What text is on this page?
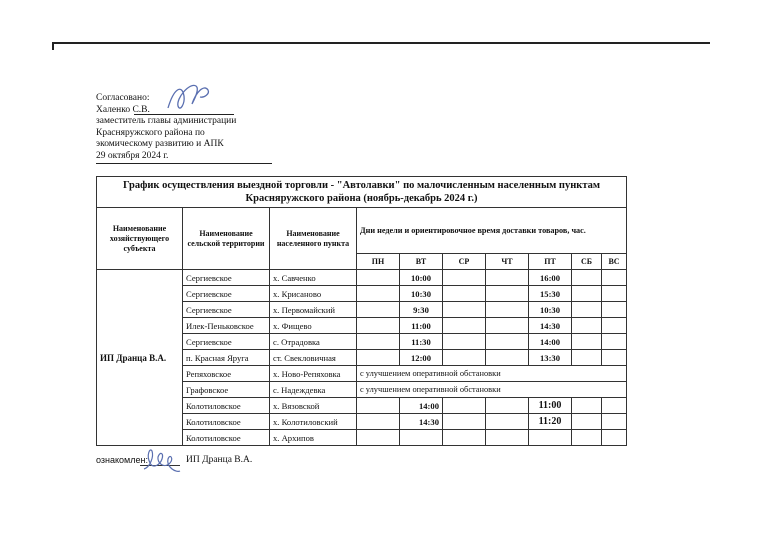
Согласовано:
Халенко С.В.
заместитель главы администрации
Красняружского района по
экомическому развитию и АПК
29 октября 2024 г.
График осуществления выездной торговли - "Автолавки" по малочисленным населенным пунктам Красняружского района (ноябрь-декабрь 2024 г.)									
Наименование хозяйствующего субъекта	Наименование сельской территории	Наименование населенного пункта	Дни недели и ориентировочное время доставки товаров, час.						
			ПН	ВТ	СР	ЧТ	ПТ	СБ	ВС
ИП Дранца В.А.	Сергиевское	х. Савченко		10:00			16:00		
	Сергиевское	х. Крисаново		10:30			15:30		
	Сергиевское	х. Первомайский		9:30			10:30		
	Илек-Пеньковское	х. Фищево		11:00			14:30		
	Сергиевское	с. Отрадовка		11:30			14:00		
	п. Красная Яруга	ст. Свекловичная		12:00			13:30		
	Репяховское	х. Ново-Репяховка	с улучшением оперативной обстановки						
	Графовское	с. Надеждевка	с улучшением оперативной обстановки						
	Колотиловское	х. Вязовской		14:00			11:00		
	Колотиловское	х. Колотиловский		14:30			11:20		
	Колотиловское	х. Архипов							
ознакомлен:	ИП Дранца В.А.
